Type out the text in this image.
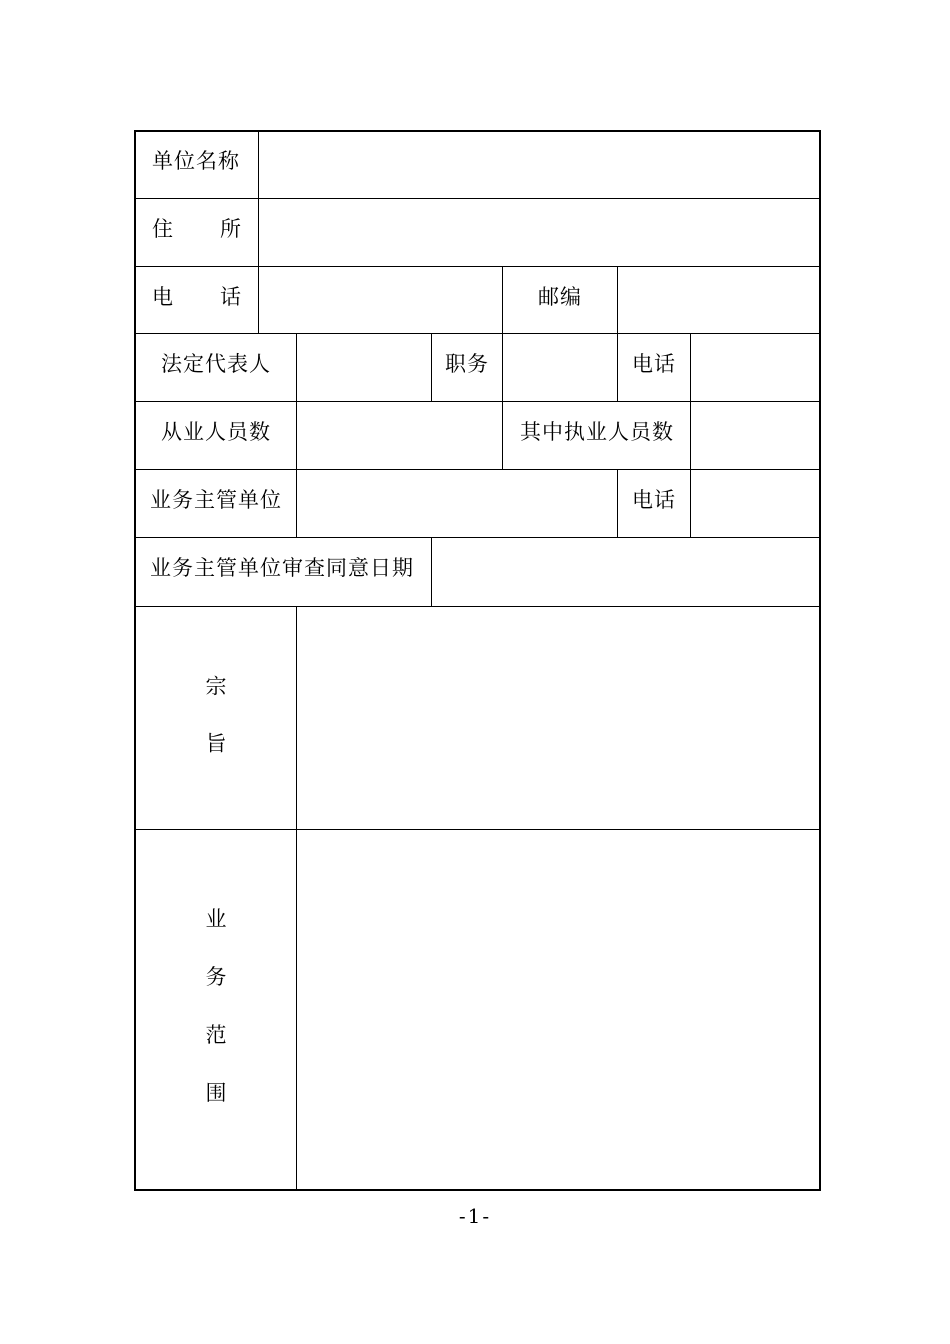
单位名称
住 所
电 话	邮编
法定代表人	职务	电话
从业人员数	其中执业人员数
业务主管单位	电话
业务主管单位审查同意日期
宗
旨
业
务
范
围
-1-
